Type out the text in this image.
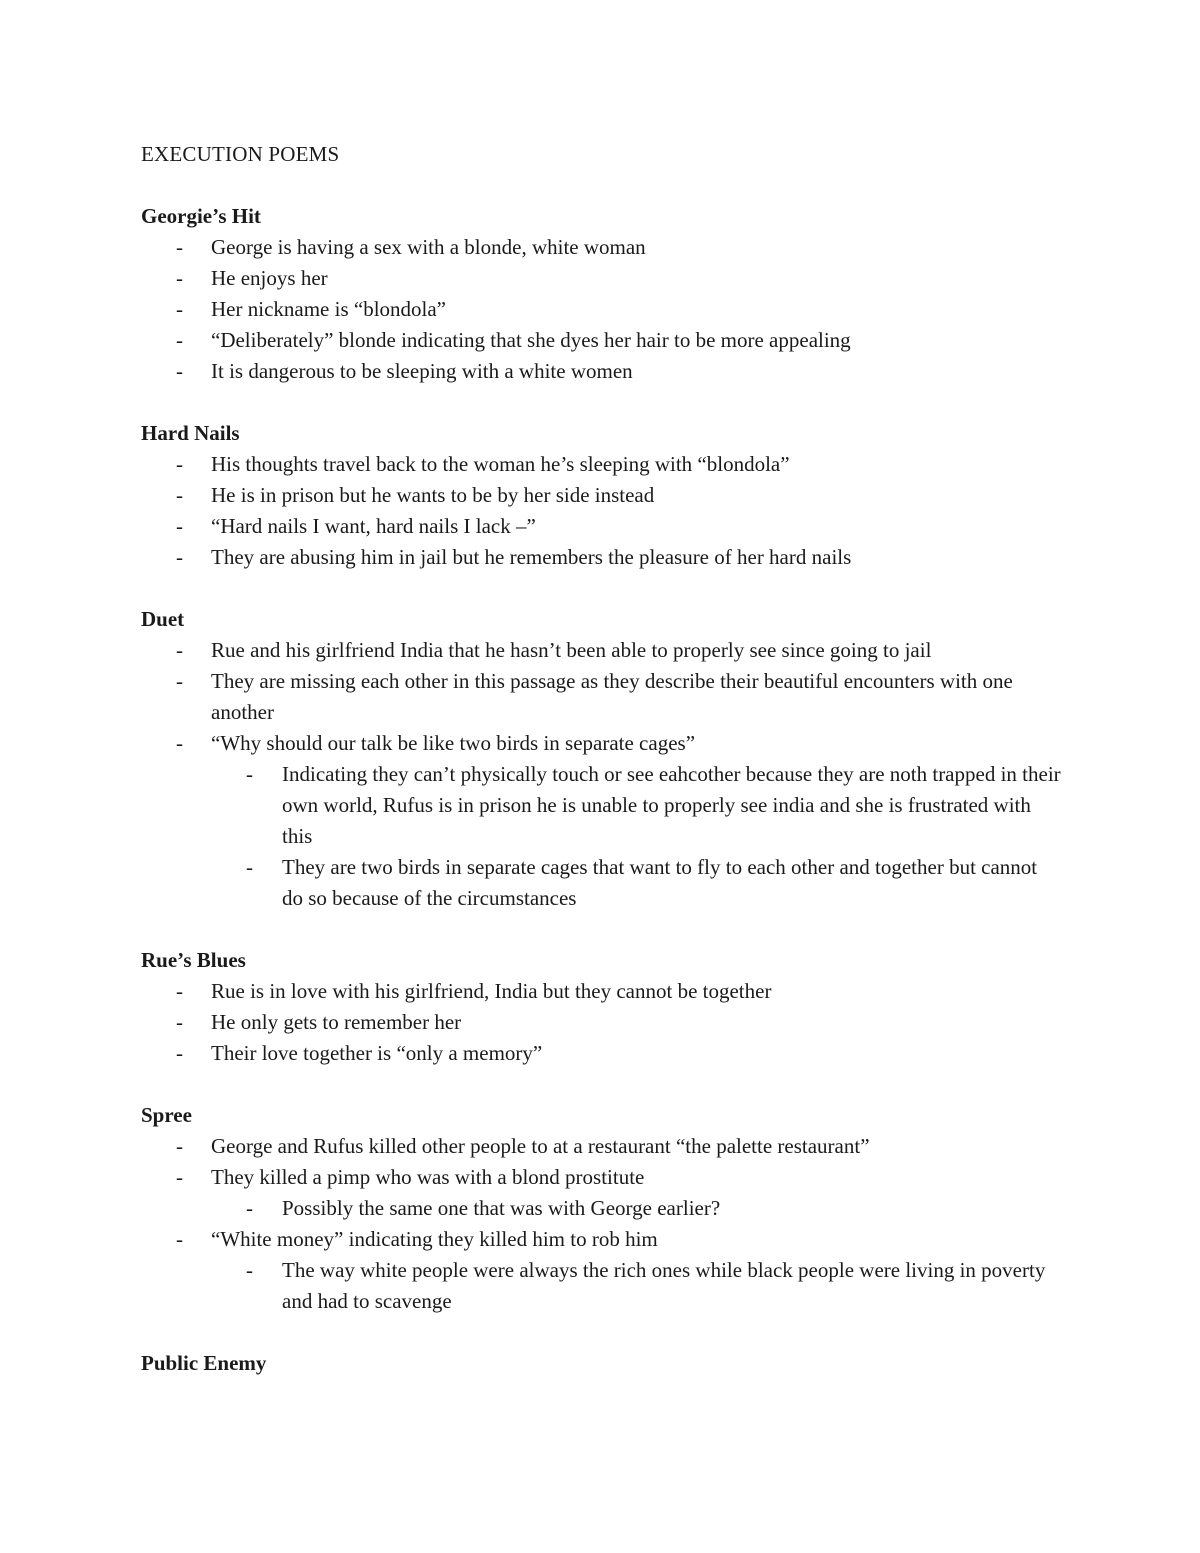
EXECUTION POEMS
Georgie’s Hit
- George is having a sex with a blonde, white woman
- He enjoys her
- Her nickname is “blondola”
- “Deliberately” blonde indicating that she dyes her hair to be more appealing
- It is dangerous to be sleeping with a white women
Hard Nails
- His thoughts travel back to the woman he’s sleeping with “blondola”
- He is in prison but he wants to be by her side instead
- “Hard nails I want, hard nails I lack –”
- They are abusing him in jail but he remembers the pleasure of her hard nails
Duet
- Rue and his girlfriend India that he hasn’t been able to properly see since going to jail
- They are missing each other in this passage as they describe their beautiful encounters with one another
- “Why should our talk be like two birds in separate cages”
- Indicating they can’t physically touch or see eahcother because they are noth trapped in their own world, Rufus is in prison he is unable to properly see india and she is frustrated with this
- They are two birds in separate cages that want to fly to each other and together but cannot do so because of the circumstances
Rue’s Blues
- Rue is in love with his girlfriend, India but they cannot be together
- He only gets to remember her
- Their love together is “only a memory”
Spree
- George and Rufus killed other people to at a restaurant “the palette restaurant”
- They killed a pimp who was with a blond prostitute
- Possibly the same one that was with George earlier?
- “White money” indicating they killed him to rob him
- The way white people were always the rich ones while black people were living in poverty and had to scavenge
Public Enemy
